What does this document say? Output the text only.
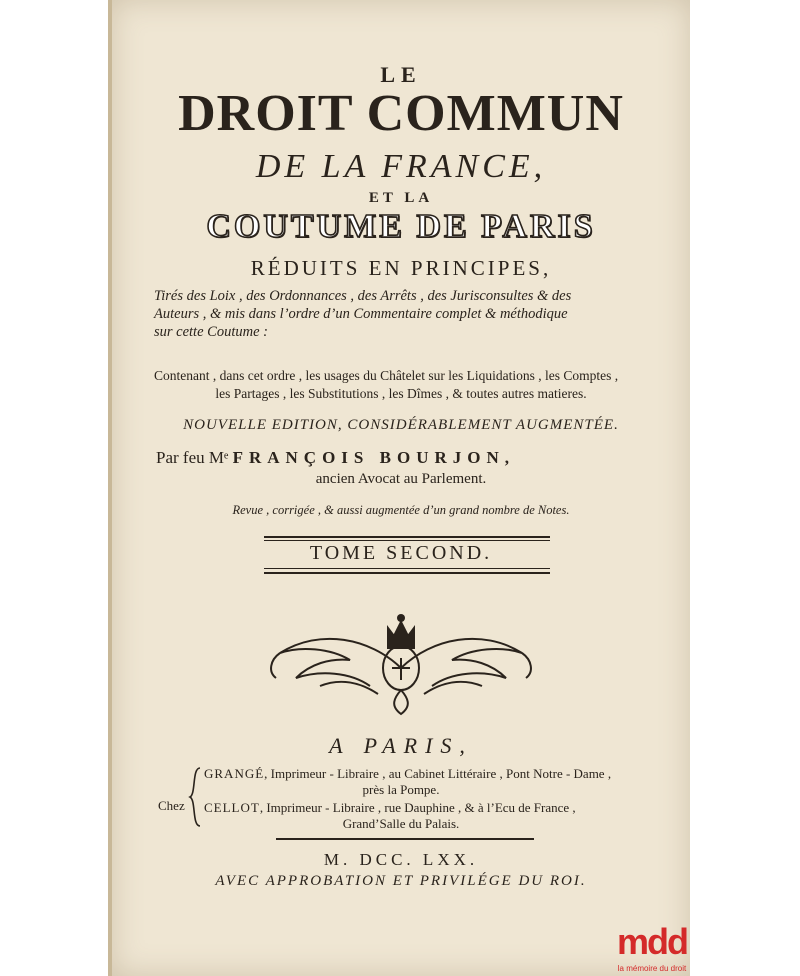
LE
DROIT COMMUN
DE LA FRANCE,
ET LA
COUTUME DE PARIS
RÉDUITS EN PRINCIPES,
Tirés des Loix , des Ordonnances , des Arrêts , des Jurisconsultes & des
Auteurs , & mis dans l’ordre d’un Commentaire complet & méthodique
sur cette Coutume :
Contenant , dans cet ordre , les usages du Châtelet sur les Liquidations , les Comptes ,
les Partages , les Substitutions , les Dîmes , & toutes autres matieres.
NOUVELLE EDITION, CONSIDÉRABLEMENT AUGMENTÉE.
Par feu Mᵉ FRANÇOIS BOURJON,
ancien Avocat au Parlement.
Revue , corrigée , & aussi augmentée d’un grand nombre de Notes.
TOME SECOND.
A PARIS,
Chez
GRANGÉ, Imprimeur - Libraire , au Cabinet Littéraire , Pont Notre - Dame ,
près la Pompe.
CELLOT, Imprimeur - Libraire , rue Dauphine , & à l’Ecu de France ,
Grand’Salle du Palais.
M. DCC. LXX.
AVEC APPROBATION ET PRIVILÉGE DU ROI.
mdd
la mémoire du droit
